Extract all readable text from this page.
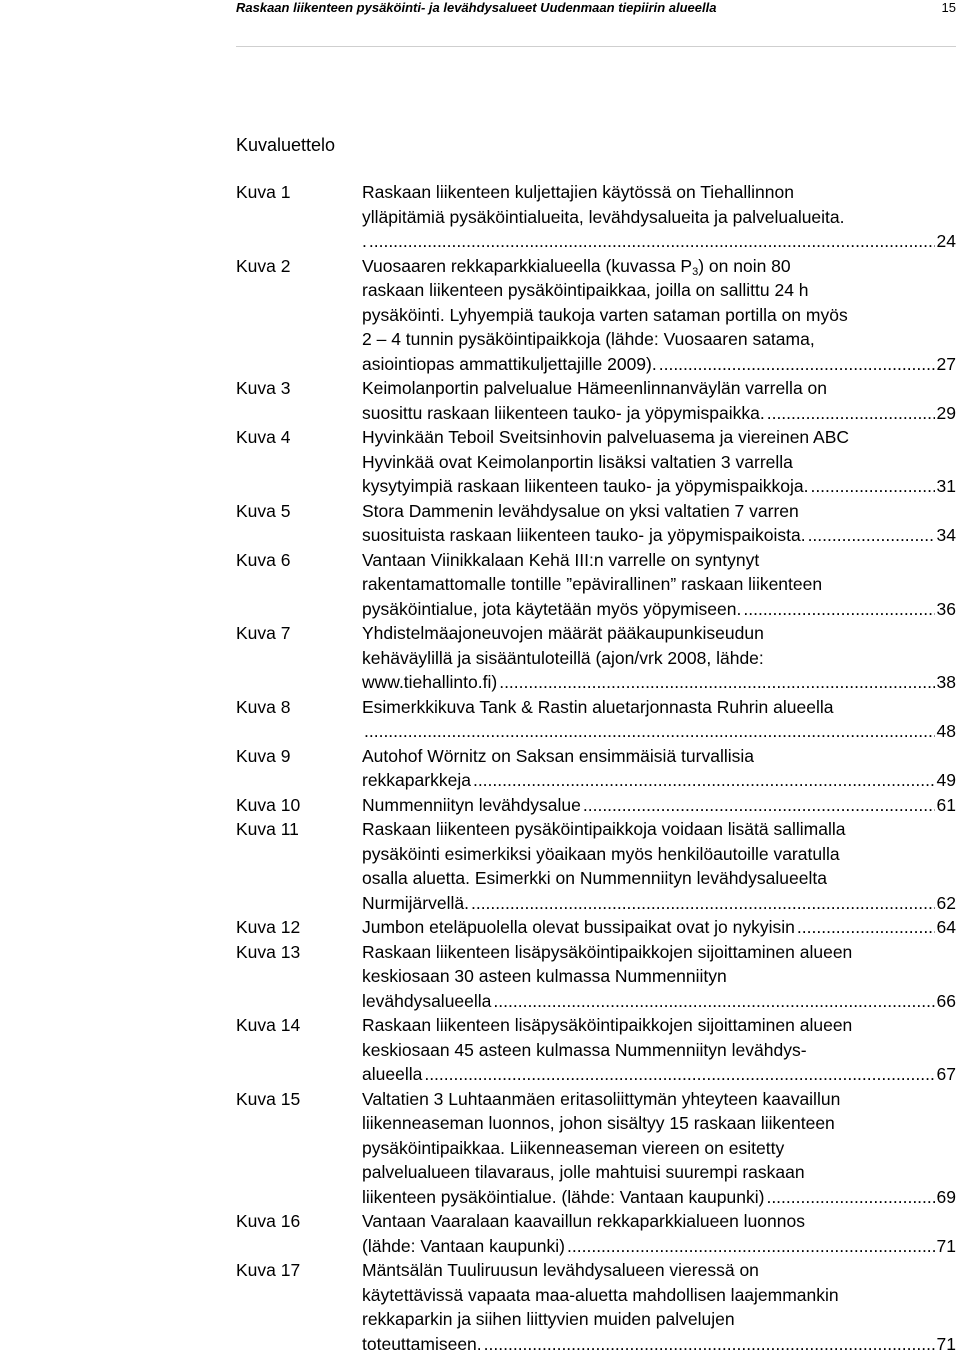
Raskaan liikenteen pysäköinti- ja levähdysalueet Uudenmaan tiepiirin alueella	15
Kuvaluettelo
Kuva 1	Raskaan liikenteen kuljettajien käytössä on Tiehallinnon
ylläpitämiä pysäköintialueita, levähdysalueita ja palvelualueita.
. .....	24
Kuva 2	Vuosaaren rekkaparkkialueella (kuvassa $P_3$) on noin 80
raskaan liikenteen pysäköintipaikkaa, joilla on sallittu 24 h
pysäköinti. Lyhyempiä taukoja varten sataman portilla on myös
2 – 4 tunnin pysäköintipaikkoja (lähde: Vuosaaren satama,
asiointiopas ammattikuljettajille 2009). .....	27
Kuva 3	Keimolanportin palvelualue Hämeenlinnanväylän varrella on
suosittu raskaan liikenteen tauko- ja yöpymispaikka. .....	29
Kuva 4	Hyvinkään Teboil Sveitsinhovin palveluasema ja viereinen ABC
Hyvinkää ovat Keimolanportin lisäksi valtatien 3 varrella
kysytyimpiä raskaan liikenteen tauko- ja yöpymispaikkoja. .....	31
Kuva 5	Stora Dammenin levähdysalue on yksi valtatien 7 varren
suosituista raskaan liikenteen tauko- ja yöpymispaikoista. .....	34
Kuva 6	Vantaan Viinikkalaan Kehä III:n varrelle on syntynyt
rakentamattomalle tontille ”epävirallinen” raskaan liikenteen
pysäköintialue, jota käytetään myös yöpymiseen. .....	36
Kuva 7	Yhdistelmäajoneuvojen määrät pääkaupunkiseudun
kehäväylillä ja sisääntuloteillä (ajon/vrk 2008, lähde:
www.tiehallinto.fi) .....	38
Kuva 8	Esimerkkikuva Tank & Rastin aluetarjonnasta Ruhrin alueella
.....
48
Kuva 9	Autohof Wörnitz on Saksan ensimmäisiä turvallisia
rekkaparkkeja .....	49
Kuva 10	Nummenniityn levähdysalue .....	61
Kuva 11	Raskaan liikenteen pysäköintipaikkoja voidaan lisätä sallimalla
pysäköinti esimerkiksi yöaikaan myös henkilöautoille varatulla
osalla aluetta. Esimerkki on Nummenniityn levähdysalueelta
Nurmijärvellä. .....	62
Kuva 12	Jumbon eteläpuolella olevat bussipaikat ovat jo nykyisin .....	64
Kuva 13	Raskaan liikenteen lisäpysäköintipaikkojen sijoittaminen alueen
keskiosaan 30 asteen kulmassa Nummenniityn
levähdysalueella .....	66
Kuva 14	Raskaan liikenteen lisäpysäköintipaikkojen sijoittaminen alueen
keskiosaan 45 asteen kulmassa Nummenniityn levähdys-
alueella .....	67
Kuva 15	Valtatien 3 Luhtaanmäen eritasoliittymän yhteyteen kaavaillun
liikenneaseman luonnos, johon sisältyy 15 raskaan liikenteen
pysäköintipaikkaa. Liikenneaseman viereen on esitetty
palvelualueen tilavaraus, jolle mahtuisi suurempi raskaan
liikenteen pysäköintialue. (lähde: Vantaan kaupunki) .....	69
Kuva 16	Vantaan Vaaralaan kaavaillun rekkaparkkialueen luonnos
(lähde: Vantaan kaupunki) .....	71
Kuva 17	Mäntsälän Tuuliruusun levähdysalueen vieressä on
käytettävissä vapaata maa-aluetta mahdollisen laajemmankin
rekkaparkin ja siihen liittyvien muiden palvelujen
toteuttamiseen. .....	71
